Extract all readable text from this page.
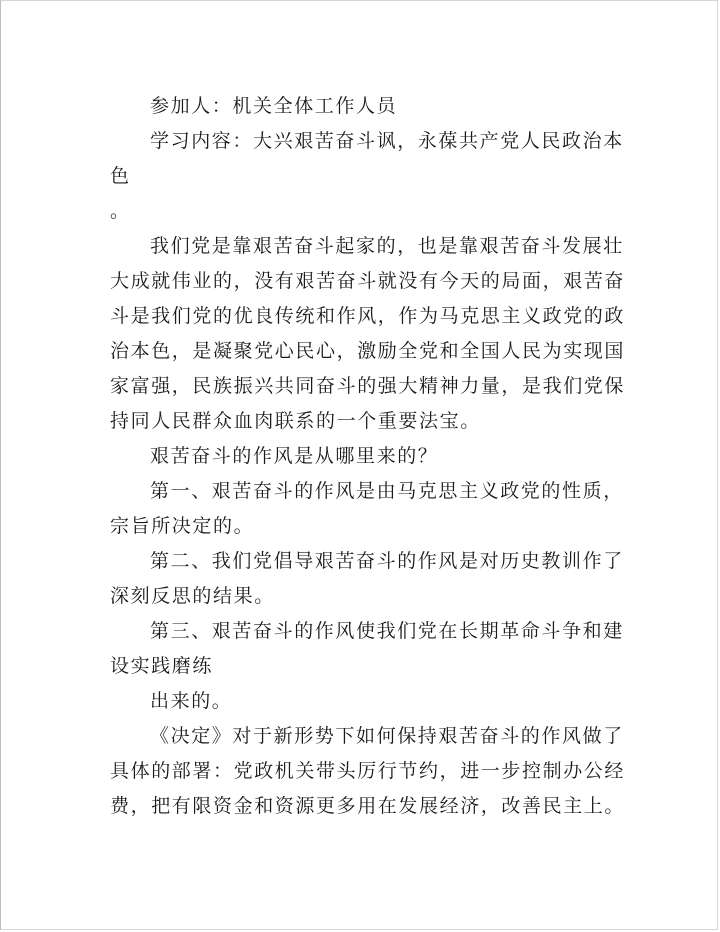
参加人：机关全体工作人员

学习内容：大兴艰苦奋斗讽，永葆共产党人民政治本色

。

我们党是靠艰苦奋斗起家的，也是靠艰苦奋斗发展壮大成就伟业的，没有艰苦奋斗就没有今天的局面，艰苦奋斗是我们党的优良传统和作风，作为马克思主义政党的政治本色，是凝聚党心民心，激励全党和全国人民为实现国家富强，民族振兴共同奋斗的强大精神力量，是我们党保持同人民群众血肉联系的一个重要法宝。

艰苦奋斗的作风是从哪里来的？

第一、艰苦奋斗的作风是由马克思主义政党的性质，宗旨所决定的。

第二、我们党倡导艰苦奋斗的作风是对历史教训作了深刻反思的结果。

第三、艰苦奋斗的作风使我们党在长期革命斗争和建设实践磨练

出来的。

《决定》对于新形势下如何保持艰苦奋斗的作风做了具体的部署：党政机关带头厉行节约，进一步控制办公经费，把有限资金和资源更多用在发展经济，改善民主上。
